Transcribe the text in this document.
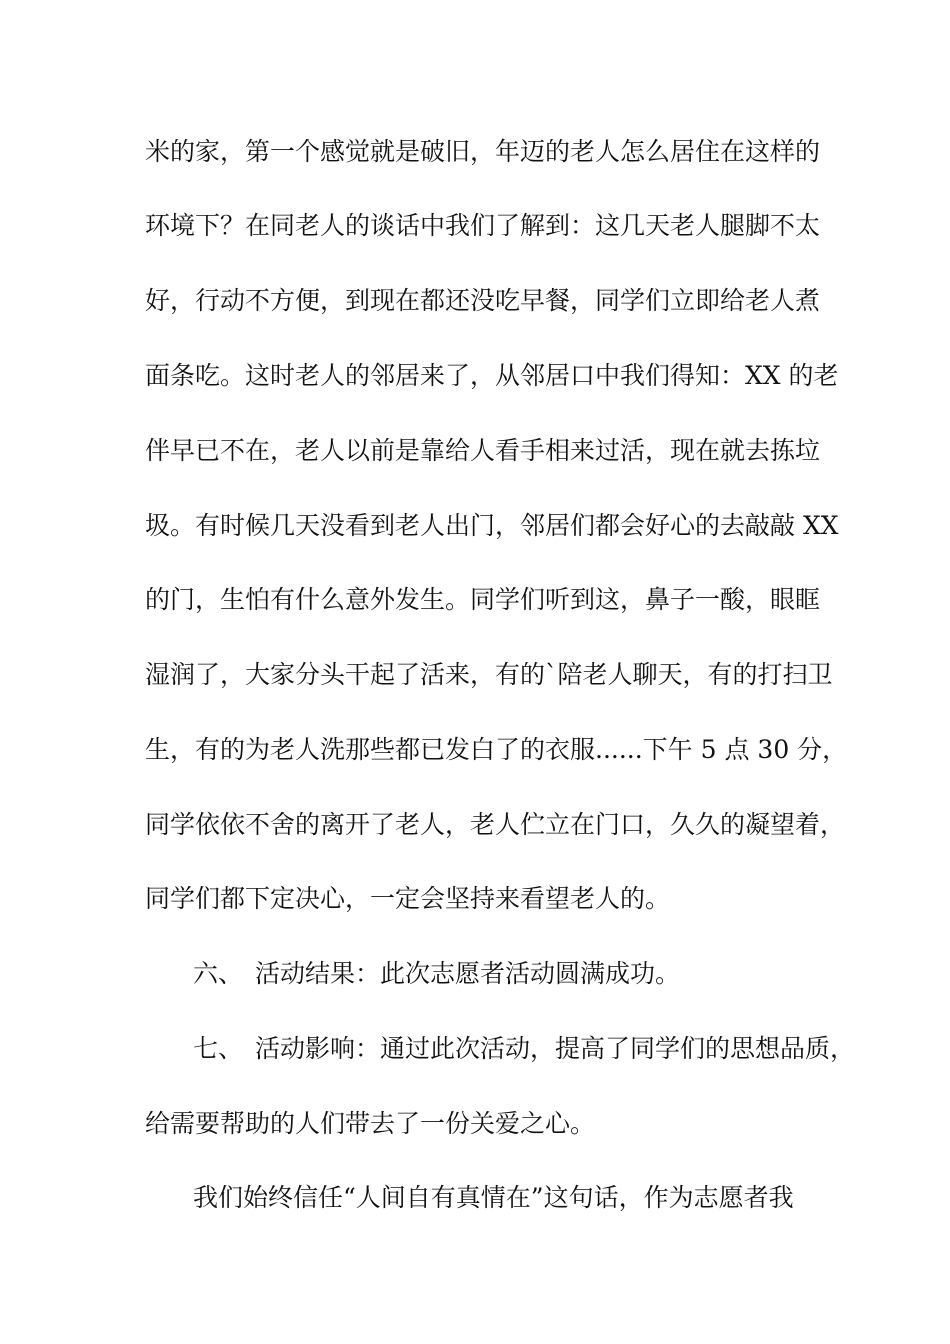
米的家，第一个感觉就是破旧，年迈的老人怎么居住在这样的
环境下？在同老人的谈话中我们了解到：这几天老人腿脚不太
好，行动不方便，到现在都还没吃早餐，同学们立即给老人煮
面条吃。这时老人的邻居来了，从邻居口中我们得知：XX 的老
伴早已不在，老人以前是靠给人看手相来过活，现在就去拣垃
圾。有时候几天没看到老人出门，邻居们都会好心的去敲敲 XX
的门，生怕有什么意外发生。同学们听到这，鼻子一酸，眼眶
湿润了，大家分头干起了活来，有的`陪老人聊天，有的打扫卫
生，有的为老人洗那些都已发白了的衣服......下午 5 点 30 分，
同学依依不舍的离开了老人，老人伫立在门口，久久的凝望着，
同学们都下定决心，一定会坚持来看望老人的。
六、 活动结果：此次志愿者活动圆满成功。
七、 活动影响：通过此次活动，提高了同学们的思想品质，
给需要帮助的人们带去了一份关爱之心。
我们始终信任“人间自有真情在”这句话，作为志愿者我
